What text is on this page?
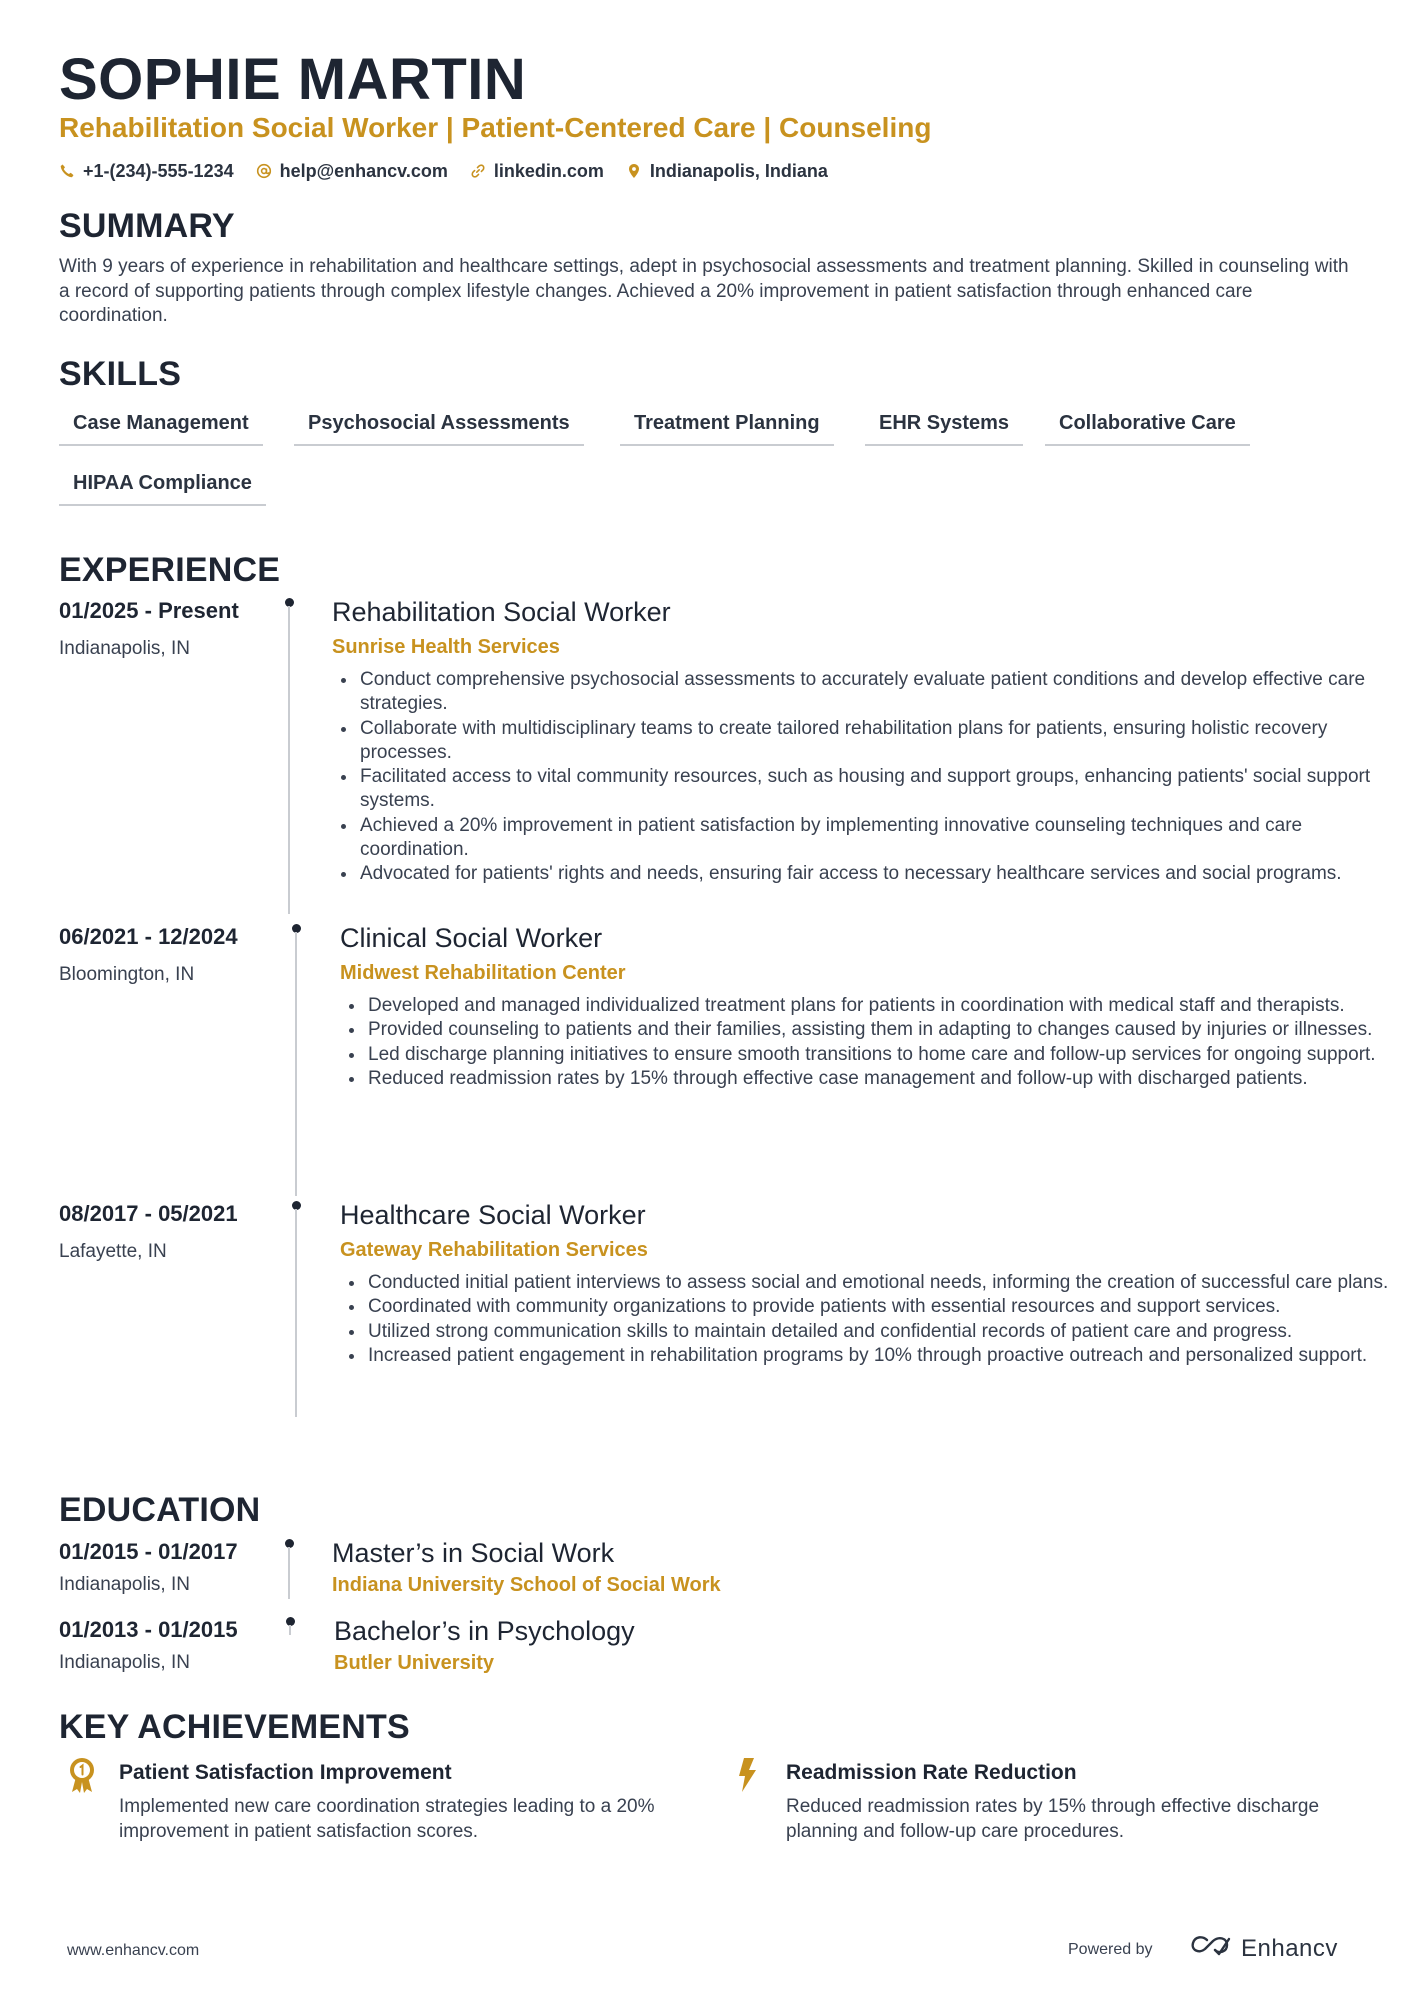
SOPHIE MARTIN
Rehabilitation Social Worker | Patient-Centered Care | Counseling
+1-(234)-555-1234	help@enhancv.com	linkedin.com	Indianapolis, Indiana
SUMMARY
With 9 years of experience in rehabilitation and healthcare settings, adept in psychosocial assessments and treatment planning. Skilled in counseling with a record of supporting patients through complex lifestyle changes. Achieved a 20% improvement in patient satisfaction through enhanced care coordination.
SKILLS
Case Management	Psychosocial Assessments	Treatment Planning	EHR Systems	Collaborative Care
HIPAA Compliance
EXPERIENCE
01/2025 - Present
Indianapolis, IN
Rehabilitation Social Worker
Sunrise Health Services
Conduct comprehensive psychosocial assessments to accurately evaluate patient conditions and develop effective care strategies.
Collaborate with multidisciplinary teams to create tailored rehabilitation plans for patients, ensuring holistic recovery processes.
Facilitated access to vital community resources, such as housing and support groups, enhancing patients' social support systems.
Achieved a 20% improvement in patient satisfaction by implementing innovative counseling techniques and care coordination.
Advocated for patients' rights and needs, ensuring fair access to necessary healthcare services and social programs.
06/2021 - 12/2024
Bloomington, IN
Clinical Social Worker
Midwest Rehabilitation Center
Developed and managed individualized treatment plans for patients in coordination with medical staff and therapists.
Provided counseling to patients and their families, assisting them in adapting to changes caused by injuries or illnesses.
Led discharge planning initiatives to ensure smooth transitions to home care and follow-up services for ongoing support.
Reduced readmission rates by 15% through effective case management and follow-up with discharged patients.
08/2017 - 05/2021
Lafayette, IN
Healthcare Social Worker
Gateway Rehabilitation Services
Conducted initial patient interviews to assess social and emotional needs, informing the creation of successful care plans.
Coordinated with community organizations to provide patients with essential resources and support services.
Utilized strong communication skills to maintain detailed and confidential records of patient care and progress.
Increased patient engagement in rehabilitation programs by 10% through proactive outreach and personalized support.
EDUCATION
01/2015 - 01/2017
Indianapolis, IN
Master’s in Social Work
Indiana University School of Social Work
01/2013 - 01/2015
Indianapolis, IN
Bachelor’s in Psychology
Butler University
KEY ACHIEVEMENTS
Patient Satisfaction Improvement
Implemented new care coordination strategies leading to a 20% improvement in patient satisfaction scores.
Readmission Rate Reduction
Reduced readmission rates by 15% through effective discharge planning and follow-up care procedures.
www.enhancv.com	Powered by	Enhancv
